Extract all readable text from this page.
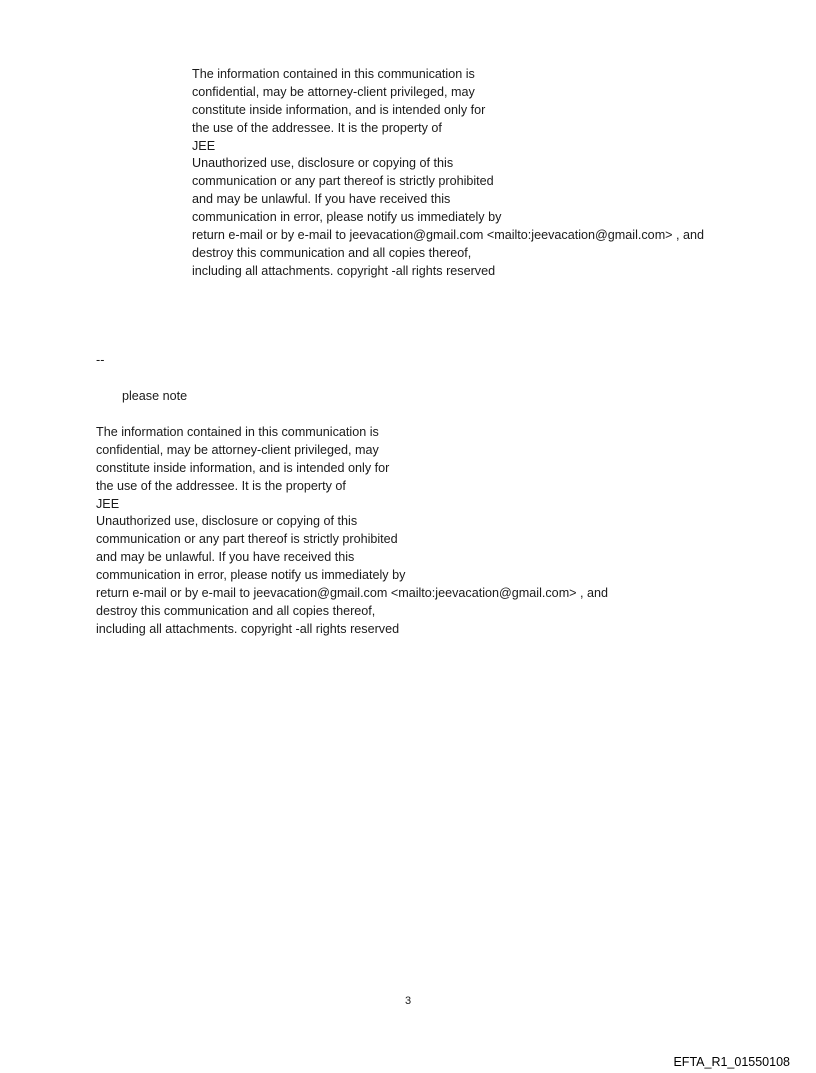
The information contained in this communication is
confidential, may be attorney-client privileged, may
constitute inside information, and is intended only for
the use of the addressee. It is the property of
JEE
Unauthorized use, disclosure or copying of this
communication or any part thereof is strictly prohibited
and may be unlawful. If you have received this
communication in error, please notify us immediately by
return e-mail or by e-mail to jeevacation@gmail.com <mailto:jeevacation@gmail.com> , and
destroy this communication and all copies thereof,
including all attachments. copyright -all rights reserved
--
please note
The information contained in this communication is
confidential, may be attorney-client privileged, may
constitute inside information, and is intended only for
the use of the addressee. It is the property of
JEE
Unauthorized use, disclosure or copying of this
communication or any part thereof is strictly prohibited
and may be unlawful. If you have received this
communication in error, please notify us immediately by
return e-mail or by e-mail to jeevacation@gmail.com <mailto:jeevacation@gmail.com> , and
destroy this communication and all copies thereof,
including all attachments. copyright -all rights reserved
3
EFTA_R1_01550108
